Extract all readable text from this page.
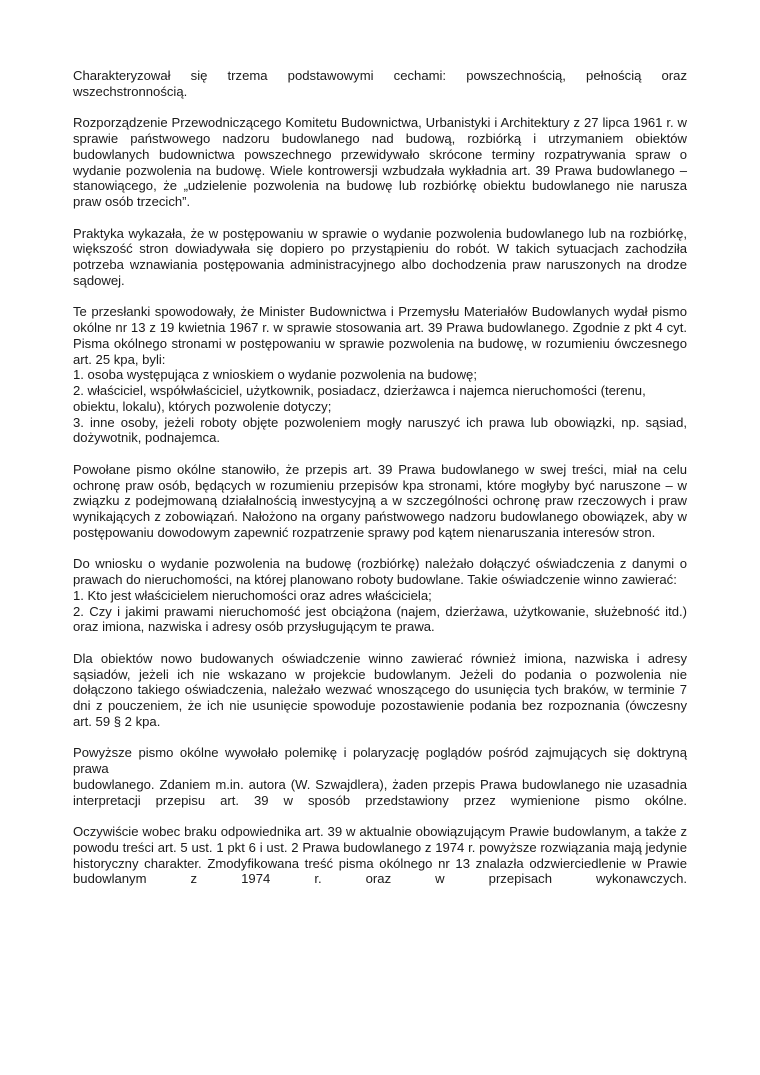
Charakteryzował się trzema podstawowymi cechami: powszechnością, pełnością oraz wszechstronnością.

Rozporządzenie Przewodniczącego Komitetu Budownictwa, Urbanistyki i Architektury z 27 lipca 1961 r. w sprawie państwowego nadzoru budowlanego nad budową, rozbiórką i utrzymaniem obiektów budowlanych budownictwa powszechnego przewidywało skrócone terminy rozpatrywania spraw o wydanie pozwolenia na budowę. Wiele kontrowersji wzbudzała wykładnia art. 39 Prawa budowlanego – stanowiącego, że „udzielenie pozwolenia na budowę lub rozbiórkę obiektu budowlanego nie narusza praw osób trzecich”.

Praktyka wykazała, że w postępowaniu w sprawie o wydanie pozwolenia budowlanego lub na rozbiórkę, większość stron dowiadywała się dopiero po przystąpieniu do robót. W takich sytuacjach zachodziła potrzeba wznawiania postępowania administracyjnego albo dochodzenia praw naruszonych na drodze sądowej.

Te przesłanki spowodowały, że Minister Budownictwa i Przemysłu Materiałów Budowlanych wydał pismo okólne nr 13 z 19 kwietnia 1967 r. w sprawie stosowania art. 39 Prawa budowlanego. Zgodnie z pkt 4 cyt. Pisma okólnego stronami w postępowaniu w sprawie pozwolenia na budowę, w rozumieniu ówczesnego art. 25 kpa, byli:
1. osoba występująca z wnioskiem o wydanie pozwolenia na budowę;
2. właściciel, współwłaściciel, użytkownik, posiadacz, dzierżawca i najemca nieruchomości (terenu, obiektu, lokalu), których pozwolenie dotyczy;
3. inne osoby, jeżeli roboty objęte pozwoleniem mogły naruszyć ich prawa lub obowiązki, np. sąsiad, dożywotnik, podnajemca.

Powołane pismo okólne stanowiło, że przepis art. 39 Prawa budowlanego w swej treści, miał na celu ochronę praw osób, będących w rozumieniu przepisów kpa stronami, które mogłyby być naruszone – w związku z podejmowaną działalnością inwestycyjną a w szczególności ochronę praw rzeczowych i praw wynikających z zobowiązań. Nałożono na organy państwowego nadzoru budowlanego obowiązek, aby w postępowaniu dowodowym zapewnić rozpatrzenie sprawy pod kątem nienaruszania interesów stron.

Do wniosku o wydanie pozwolenia na budowę (rozbiórkę) należało dołączyć oświadczenia z danymi o prawach do nieruchomości, na której planowano roboty budowlane. Takie oświadczenie winno zawierać:
1. Kto jest właścicielem nieruchomości oraz adres właściciela;
2. Czy i jakimi prawami nieruchomość jest obciążona (najem, dzierżawa, użytkowanie, służebność itd.) oraz imiona, nazwiska i adresy osób przysługującym te prawa.

Dla obiektów nowo budowanych oświadczenie winno zawierać również imiona, nazwiska i adresy sąsiadów, jeżeli ich nie wskazano w projekcie budowlanym. Jeżeli do podania o pozwolenia nie dołączono takiego oświadczenia, należało wezwać wnoszącego do usunięcia tych braków, w terminie 7 dni z pouczeniem, że ich nie usunięcie spowoduje pozostawienie podania bez rozpoznania (ówczesny art. 59 § 2 kpa.

Powyższe pismo okólne wywołało polemikę i polaryzację poglądów pośród zajmujących się doktryną prawa
budowlanego. Zdaniem m.in. autora (W. Szwajdlera), żaden przepis Prawa budowlanego nie uzasadnia
interpretacji przepisu art. 39 w sposób przedstawiony przez wymienione pismo okólne.
Oczywiście wobec braku odpowiednika art. 39 w aktualnie obowiązującym Prawie budowlanym, a także z
powodu treści art. 5 ust. 1 pkt 6 i ust. 2 Prawa budowlanego z 1974 r. powyższe rozwiązania mają jedynie
historyczny charakter. Zmodyfikowana treść pisma okólnego nr 13 znalazła odzwierciedlenie w Prawie
budowlanym z 1974 r. oraz w przepisach wykonawczych.
